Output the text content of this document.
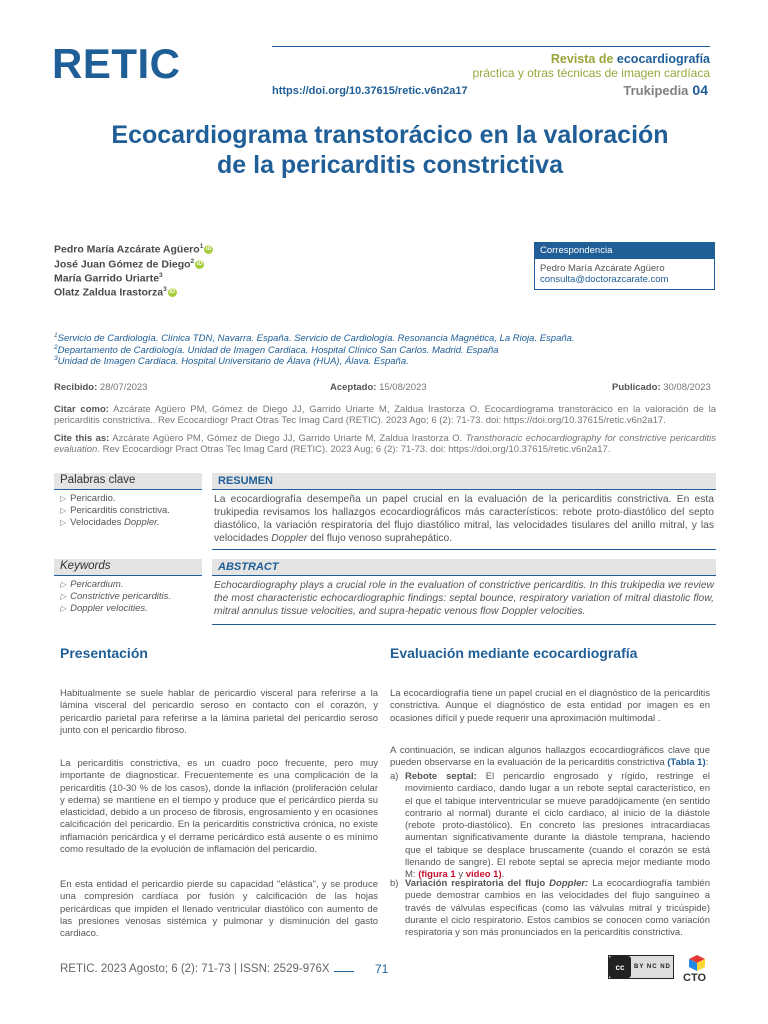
RETIC	Revista de ecocardiografía
práctica y otras técnicas de imagen cardíaca
https://doi.org/10.37615/retic.v6n2a17	Trukipedia 04
Ecocardiograma transtorácico en la valoración
de la pericarditis constrictiva
Pedro María Azcárate Agüero$^1$ iD
José Juan Gómez de Diego$^2$ iD
María Garrido Uriarte$^3$
Olatz Zaldua Irastorza$^3$ iD
Correspondencia
Pedro María Azcárate Agüero
consulta@doctorazcarate.com
$^1$Servicio de Cardiología. Clínica TDN, Navarra. España. Servicio de Cardiología. Resonancia Magnética, La Rioja. España.
$^2$Departamento de Cardiología. Unidad de Imagen Cardiaca. Hospital Clínico San Carlos. Madrid. España
$^3$Unidad de Imagen Cardiaca. Hospital Universitario de Álava (HUA), Álava. España.
Recibido: 28/07/2023	Aceptado: 15/08/2023	Publicado: 30/08/2023
Citar como: Azcárate Agüero PM, Gómez de Diego JJ, Garrido Uriarte M, Zaldua Irastorza O. Ecocardiograma transtorácico en la valoración de la pericarditis constrictiva.. Rev Ecocardiogr Pract Otras Tec Imag Card (RETIC). 2023 Ago; 6 (2): 71-73. doi: https://doi.org/10.37615/retic.v6n2a17.
Cite this as: Azcárate Agüero PM, Gómez de Diego JJ, Garrido Uriarte M, Zaldua Irastorza O. Transthoracic echocardiography for constrictive pericarditis evaluation. Rev Ecocardiogr Pract Otras Tec Imag Card (RETIC). 2023 Aug; 6 (2): 71-73. doi: https://doi.org/10.37615/retic.v6n2a17.
Palabras clave
▷ Pericardio.
▷ Pericarditis constrictiva.
▷ Velocidades Doppler.
RESUMEN
La ecocardiografía desempeña un papel crucial en la evaluación de la pericarditis constrictiva. En esta trukipedia revisamos los hallazgos ecocardiográficos más característicos: rebote proto-diastólico del septo diastólico, la variación respiratoria del flujo diastólico mitral, las velocidades tisulares del anillo mitral, y las velocidades Doppler del flujo venoso suprahepático.
Keywords
▷ Pericardium.
▷ Constrictive pericarditis.
▷ Doppler velocities.
ABSTRACT
Echocardiography plays a crucial role in the evaluation of constrictive pericarditis. In this trukipedia we review the most characteristic echocardiographic findings: septal bounce, respiratory variation of mitral diastolic flow, mitral annulus tissue velocities, and supra-hepatic venous flow Doppler velocities.
Presentación	Evaluación mediante ecocardiografía
Habitualmente se suele hablar de pericardio visceral para referirse a la lámina visceral del pericardio seroso en contacto con el corazón, y pericardio parietal para referirse a la lámina parietal del pericardio seroso junto con el pericardio fibroso.
La pericarditis constrictiva, es un cuadro poco frecuente, pero muy importante de diagnosticar. Frecuentemente es una complicación de la pericarditis (10-30 % de los casos), donde la inflación (proliferación celular y edema) se mantiene en el tiempo y produce que el pericárdico pierda su elasticidad, debido a un proceso de fibrosis, engrosamiento y en ocasiones calcificación del pericardio. En la pericarditis constrictiva crónica, no existe inflamación pericárdica y el derrame pericárdico está ausente o es mínimo como resultado de la evolución de inflamación del pericardio.
En esta entidad el pericardio pierde su capacidad "elástica", y se produce una compresión cardíaca por fusión y calcificación de las hojas pericárdicas que impiden el llenado ventricular diastólico con aumento de las presiones venosas sistémica y pulmonar y disminución del gasto cardiaco.
La ecocardiografía tiene un papel crucial en el diagnóstico de la pericarditis constrictiva. Aunque el diagnóstico de esta entidad por imagen es en ocasiones difícil y puede requerir una aproximación multimodal .
A continuación, se indican algunos hallazgos ecocardiográficos clave que pueden observarse en la evaluación de la pericarditis constrictiva (Tabla 1):
a) Rebote septal: El pericardio engrosado y rígido, restringe el movimiento cardiaco, dando lugar a un rebote septal característico, en el que el tabique interventricular se mueve paradójicamente (en sentido contrario al normal) durante el ciclo cardiaco, al inicio de la diástole (rebote proto-diastólico). En concreto las presiones intracardiacas aumentan significativamente durante la diástole temprana, haciendo que el tabique se desplace bruscamente (cuando el corazón se está llenando de sangre). El rebote septal se aprecia mejor mediante modo M: (figura 1 y vídeo 1).
b) Variación respiratoria del flujo Doppler: La ecocardiografía también puede demostrar cambios en las velocidades del flujo sanguíneo a través de válvulas específicas (como las válvulas mitral y tricúspide) durante el ciclo respiratorio. Estos cambios se conocen como variación respiratoria y son más pronunciados en la pericarditis constrictiva.
RETIC. 2023 Agosto; 6 (2): 71-73 | ISSN: 2529-976X	71	cc	BY NC ND
CTO
